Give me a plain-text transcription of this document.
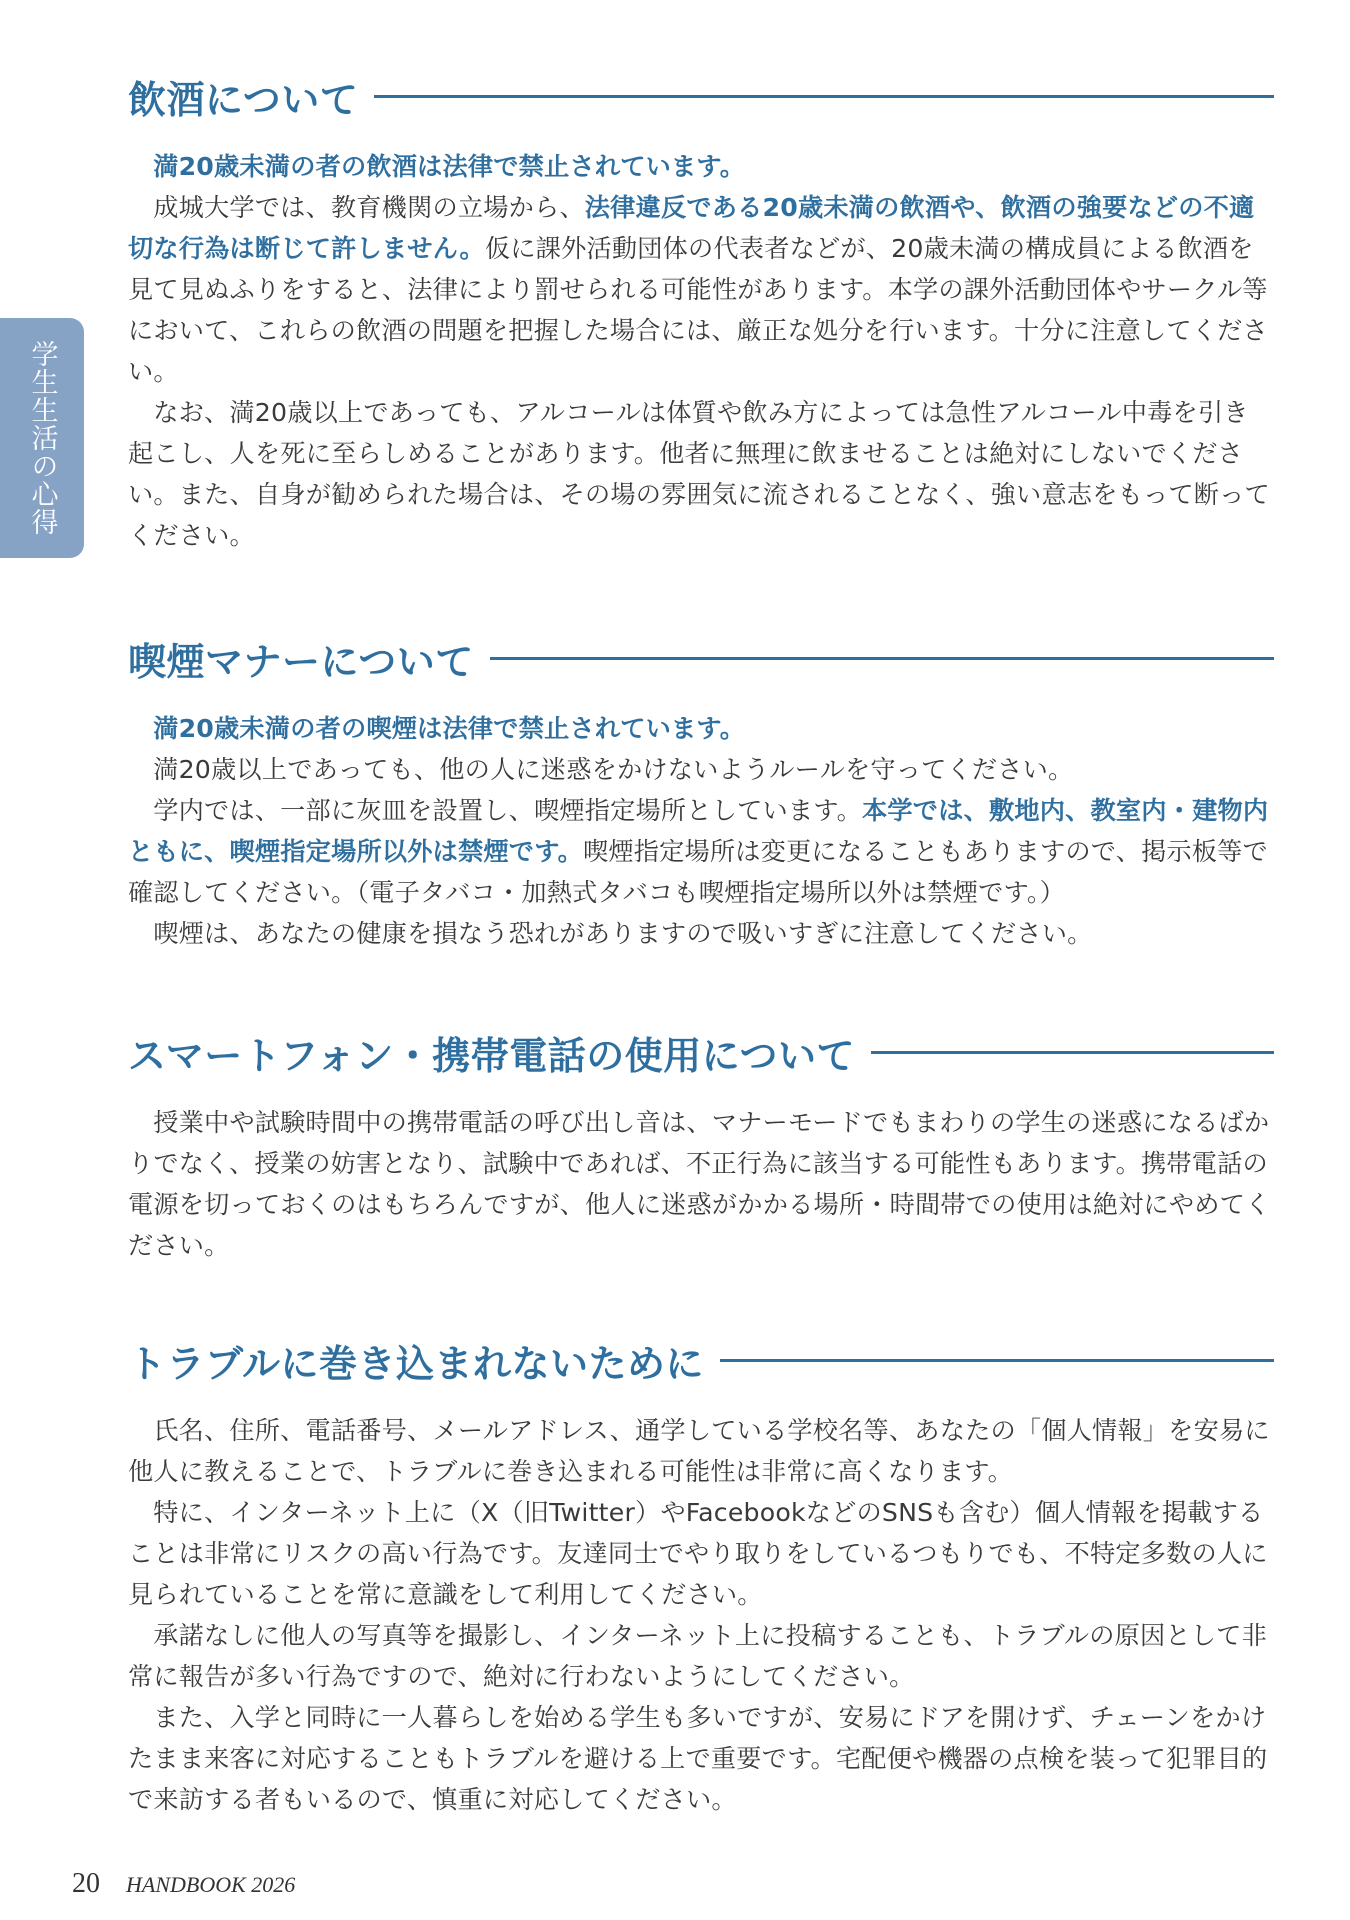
学生生活の心得
飲酒について

満20歳未満の者の飲酒は法律で禁止されています。

成城大学では、教育機関の立場から、法律違反である20歳未満の飲酒や、飲酒の強要などの不適切な行為は断じて許しません。仮に課外活動団体の代表者などが、20歳未満の構成員による飲酒を見て見ぬふりをすると、法律により罰せられる可能性があります。本学の課外活動団体やサークル等において、これらの飲酒の問題を把握した場合には、厳正な処分を行います。十分に注意してください。

なお、満20歳以上であっても、アルコールは体質や飲み方によっては急性アルコール中毒を引き起こし、人を死に至らしめることがあります。他者に無理に飲ませることは絶対にしないでください。また、自身が勧められた場合は、その場の雰囲気に流されることなく、強い意志をもって断ってください。

喫煙マナーについて

満20歳未満の者の喫煙は法律で禁止されています。

満20歳以上であっても、他の人に迷惑をかけないようルールを守ってください。

学内では、一部に灰皿を設置し、喫煙指定場所としています。本学では、敷地内、教室内・建物内ともに、喫煙指定場所以外は禁煙です。喫煙指定場所は変更になることもありますので、掲示板等で確認してください。（電子タバコ・加熱式タバコも喫煙指定場所以外は禁煙です。）

喫煙は、あなたの健康を損なう恐れがありますので吸いすぎに注意してください。

スマートフォン・携帯電話の使用について

授業中や試験時間中の携帯電話の呼び出し音は、マナーモードでもまわりの学生の迷惑になるばかりでなく、授業の妨害となり、試験中であれば、不正行為に該当する可能性もあります。携帯電話の電源を切っておくのはもちろんですが、他人に迷惑がかかる場所・時間帯での使用は絶対にやめてください。

トラブルに巻き込まれないために

氏名、住所、電話番号、メールアドレス、通学している学校名等、あなたの「個人情報」を安易に他人に教えることで、トラブルに巻き込まれる可能性は非常に高くなります。

特に、インターネット上に（X（旧Twitter）やFacebookなどのSNSも含む）個人情報を掲載することは非常にリスクの高い行為です。友達同士でやり取りをしているつもりでも、不特定多数の人に見られていることを常に意識をして利用してください。

承諾なしに他人の写真等を撮影し、インターネット上に投稿することも、トラブルの原因として非常に報告が多い行為ですので、絶対に行わないようにしてください。

また、入学と同時に一人暮らしを始める学生も多いですが、安易にドアを開けず、チェーンをかけたまま来客に対応することもトラブルを避ける上で重要です。宅配便や機器の点検を装って犯罪目的で来訪する者もいるので、慎重に対応してください。

20 HANDBOOK 2026
